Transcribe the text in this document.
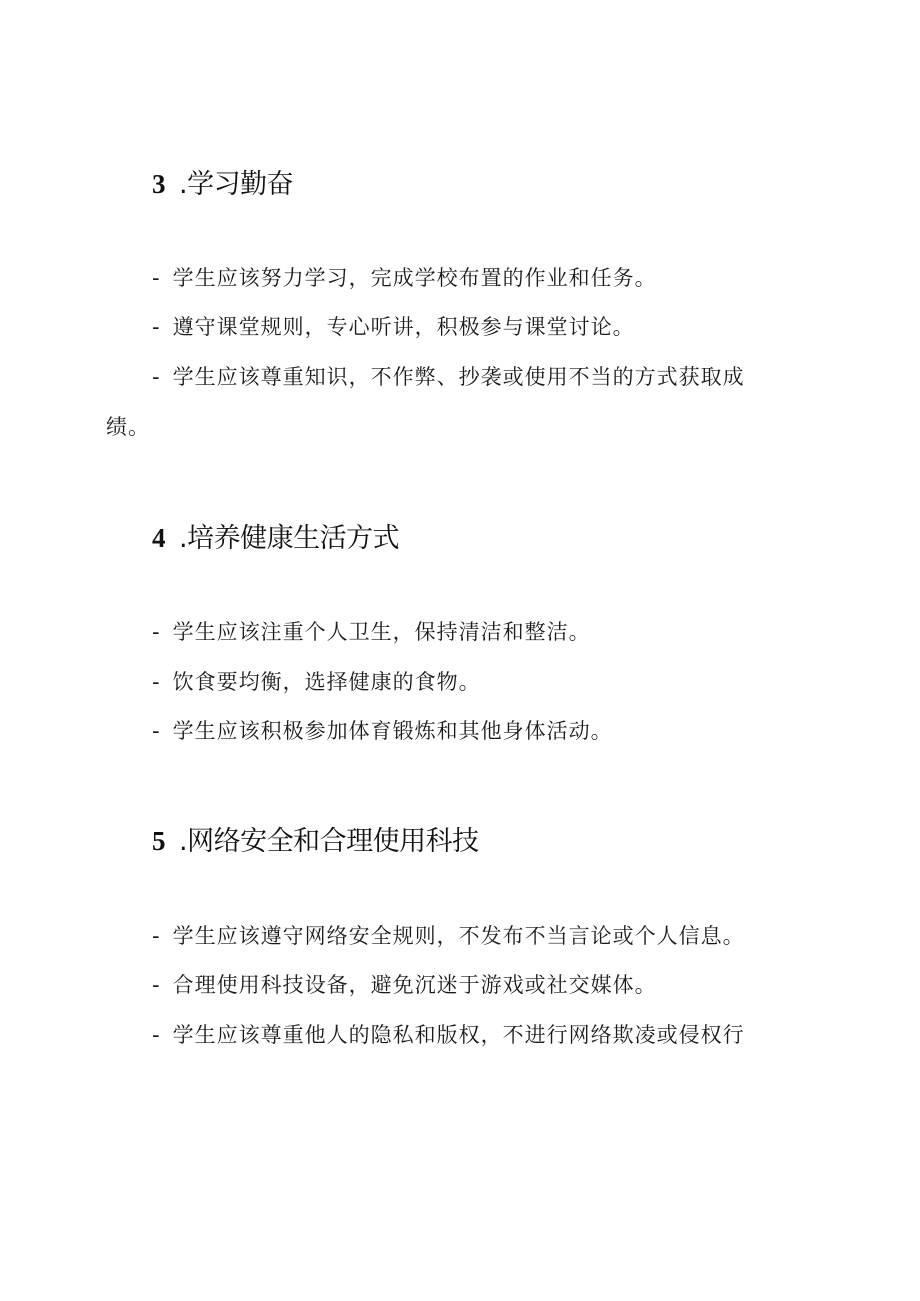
3 .学习勤奋
- 学生应该努力学习，完成学校布置的作业和任务。
- 遵守课堂规则，专心听讲，积极参与课堂讨论。
- 学生应该尊重知识，不作弊、抄袭或使用不当的方式获取成
绩。
4 .培养健康生活方式
- 学生应该注重个人卫生，保持清洁和整洁。
- 饮食要均衡，选择健康的食物。
- 学生应该积极参加体育锻炼和其他身体活动。
5 .网络安全和合理使用科技
- 学生应该遵守网络安全规则，不发布不当言论或个人信息。
- 合理使用科技设备，避免沉迷于游戏或社交媒体。
- 学生应该尊重他人的隐私和版权，不进行网络欺凌或侵权行
